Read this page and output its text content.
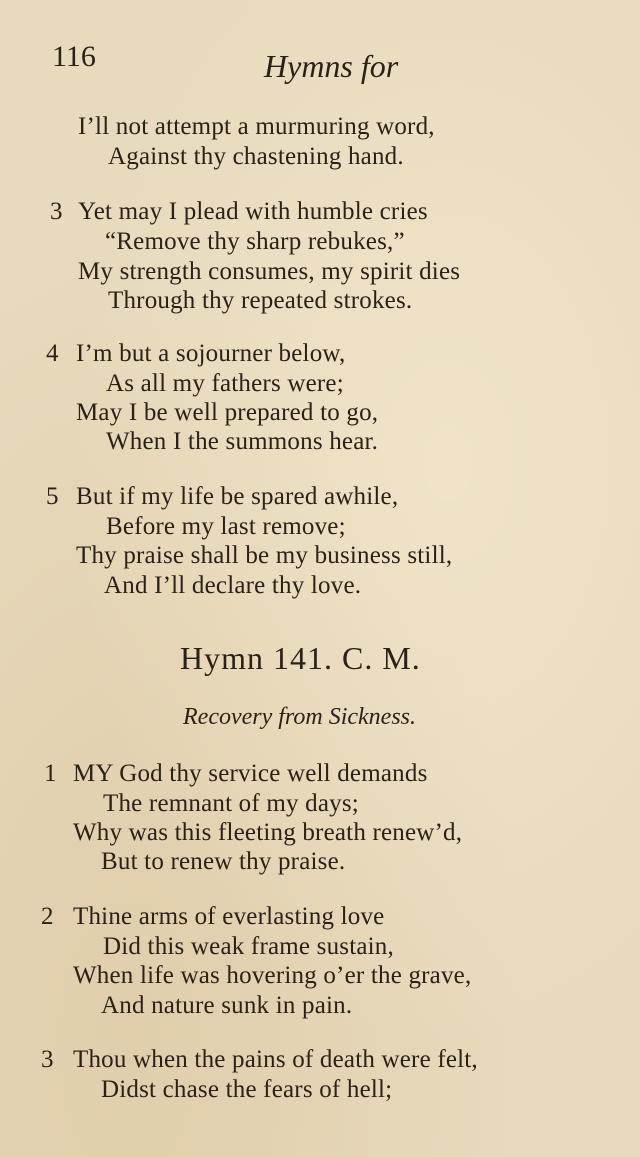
116	Hymns for
I’ll not attempt a murmuring word,
Against thy chastening hand.
3 Yet may I plead with humble cries
“Remove thy sharp rebukes,”
My strength consumes, my spirit dies
Through thy repeated strokes.
4 I’m but a sojourner below,
As all my fathers were;
May I be well prepared to go,
When I the summons hear.
5 But if my life be spared awhile,
Before my last remove;
Thy praise shall be my business still,
And I’ll declare thy love.
Hymn 141. C. M.
Recovery from Sickness.
1 MY God thy service well demands
The remnant of my days;
Why was this fleeting breath renew’d,
But to renew thy praise.
2 Thine arms of everlasting love
Did this weak frame sustain,
When life was hovering o’er the grave,
And nature sunk in pain.
3 Thou when the pains of death were felt,
Didst chase the fears of hell;
